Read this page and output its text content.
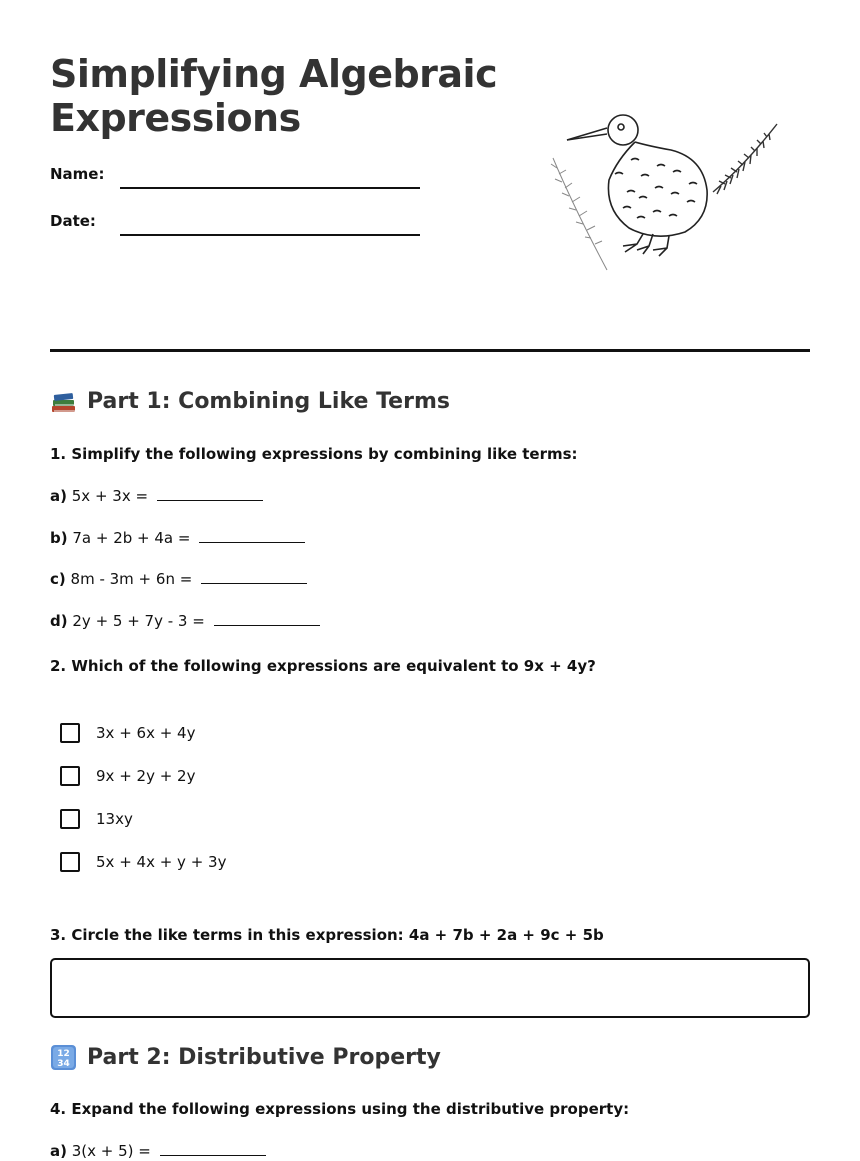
Simplifying Algebraic
Expressions
Name:
Date:
Part 1: Combining Like Terms
1. Simplify the following expressions by combining like terms:
a) 5x + 3x =
b) 7a + 2b + 4a =
c) 8m - 3m + 6n =
d) 2y + 5 + 7y - 3 =
2. Which of the following expressions are equivalent to 9x + 4y?
3x + 6x + 4y
9x + 2y + 2y
13xy
5x + 4x + y + 3y
3. Circle the like terms in this expression: 4a + 7b + 2a + 9c + 5b
12
34 Part 2: Distributive Property
4. Expand the following expressions using the distributive property:
a) 3(x + 5) =
